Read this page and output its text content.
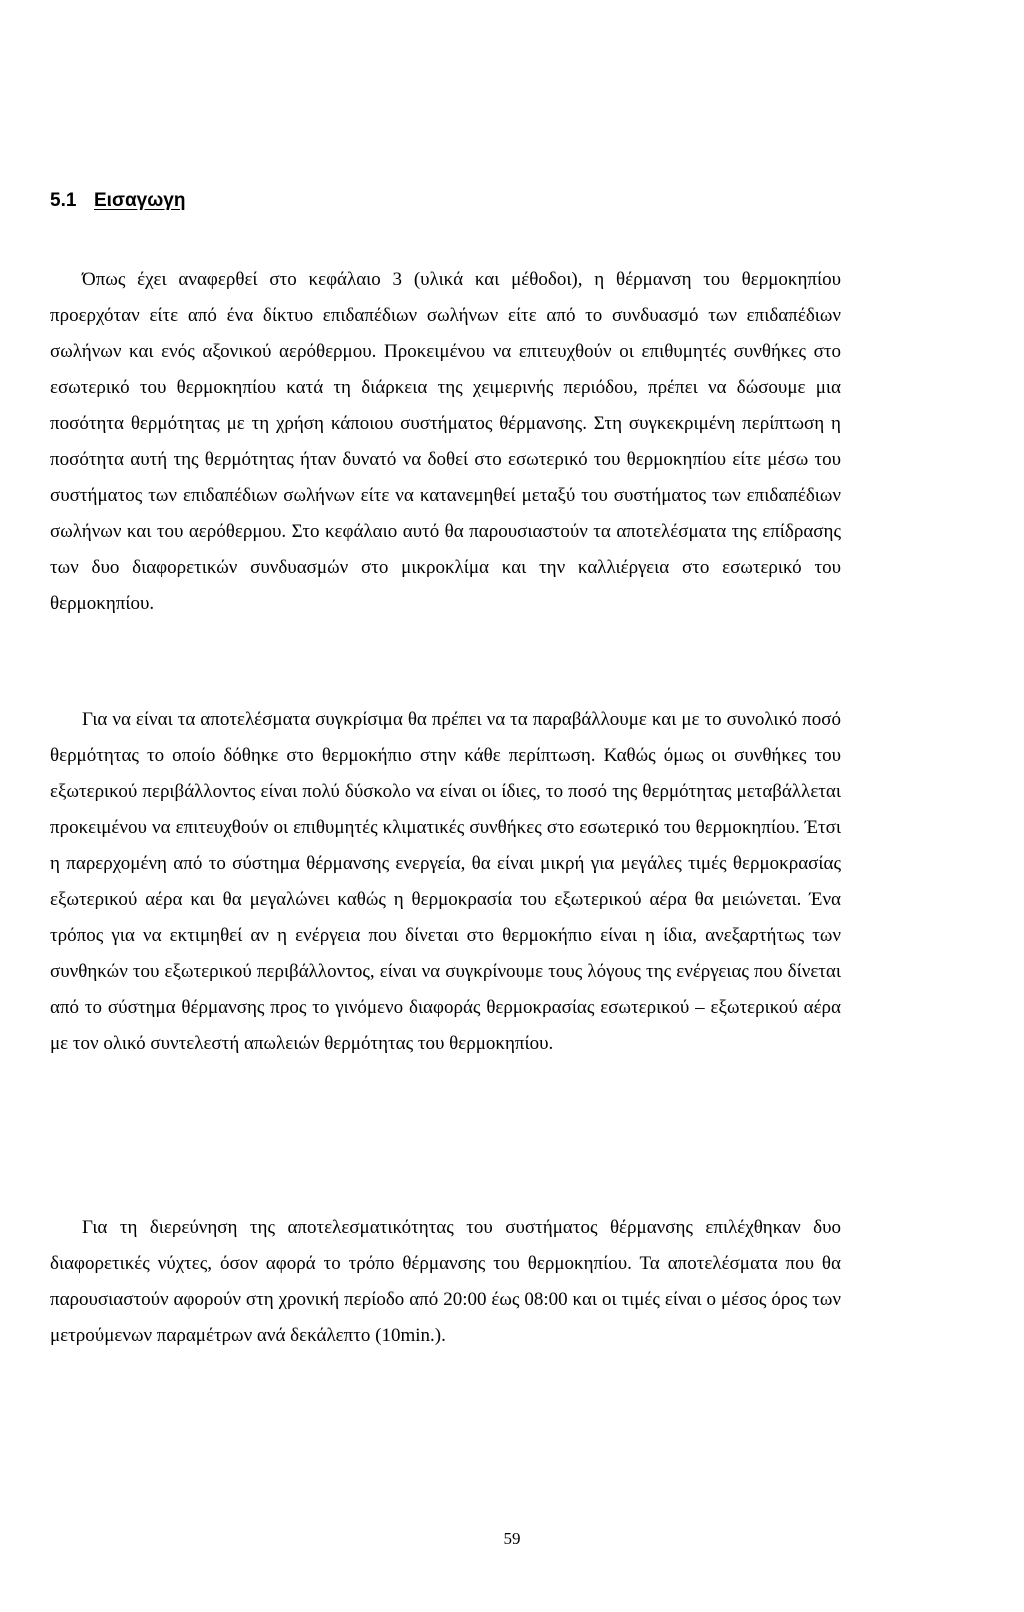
5.1 Εισαγωγη

Όπως έχει αναφερθεί στο κεφάλαιο 3 (υλικά και μέθοδοι), η θέρμανση του θερμοκηπίου προερχόταν είτε από ένα δίκτυο επιδαπέδιων σωλήνων είτε από το συνδυασμό των επιδαπέδιων σωλήνων και ενός αξονικού αερόθερμου. Προκειμένου να επιτευχθούν οι επιθυμητές συνθήκες στο εσωτερικό του θερμοκηπίου κατά τη διάρκεια της χειμερινής περιόδου, πρέπει να δώσουμε μια ποσότητα θερμότητας με τη χρήση κάποιου συστήματος θέρμανσης. Στη συγκεκριμένη περίπτωση η ποσότητα αυτή της θερμότητας ήταν δυνατό να δοθεί στο εσωτερικό του θερμοκηπίου είτε μέσω του συστήματος των επιδαπέδιων σωλήνων είτε να κατανεμηθεί μεταξύ του συστήματος των επιδαπέδιων σωλήνων και του αερόθερμου. Στο κεφάλαιο αυτό θα παρουσιαστούν τα αποτελέσματα της επίδρασης των δυο διαφορετικών συνδυασμών στο μικροκλίμα και την καλλιέργεια στο εσωτερικό του θερμοκηπίου.

Για να είναι τα αποτελέσματα συγκρίσιμα θα πρέπει να τα παραβάλλουμε και με το συνολικό ποσό θερμότητας το οποίο δόθηκε στο θερμοκήπιο στην κάθε περίπτωση. Καθώς όμως οι συνθήκες του εξωτερικού περιβάλλοντος είναι πολύ δύσκολο να είναι οι ίδιες, το ποσό της θερμότητας μεταβάλλεται προκειμένου να επιτευχθούν οι επιθυμητές κλιματικές συνθήκες στο εσωτερικό του θερμοκηπίου. Έτσι η παρερχομένη από το σύστημα θέρμανσης ενεργεία, θα είναι μικρή για μεγάλες τιμές θερμοκρασίας εξωτερικού αέρα και θα μεγαλώνει καθώς η θερμοκρασία του εξωτερικού αέρα θα μειώνεται. Ένα τρόπος για να εκτιμηθεί αν η ενέργεια που δίνεται στο θερμοκήπιο είναι η ίδια, ανεξαρτήτως των συνθηκών του εξωτερικού περιβάλλοντος, είναι να συγκρίνουμε τους λόγους της ενέργειας που δίνεται από το σύστημα θέρμανσης προς το γινόμενο διαφοράς θερμοκρασίας εσωτερικού – εξωτερικού αέρα με τον ολικό συντελεστή απωλειών θερμότητας του θερμοκηπίου.

Για τη διερεύνηση της αποτελεσματικότητας του συστήματος θέρμανσης επιλέχθηκαν δυο διαφορετικές νύχτες, όσον αφορά το τρόπο θέρμανσης του θερμοκηπίου. Τα αποτελέσματα που θα παρουσιαστούν αφορούν στη χρονική περίοδο από 20:00 έως 08:00 και οι τιμές είναι ο μέσος όρος των μετρούμενων παραμέτρων ανά δεκάλεπτο (10min.).

59
